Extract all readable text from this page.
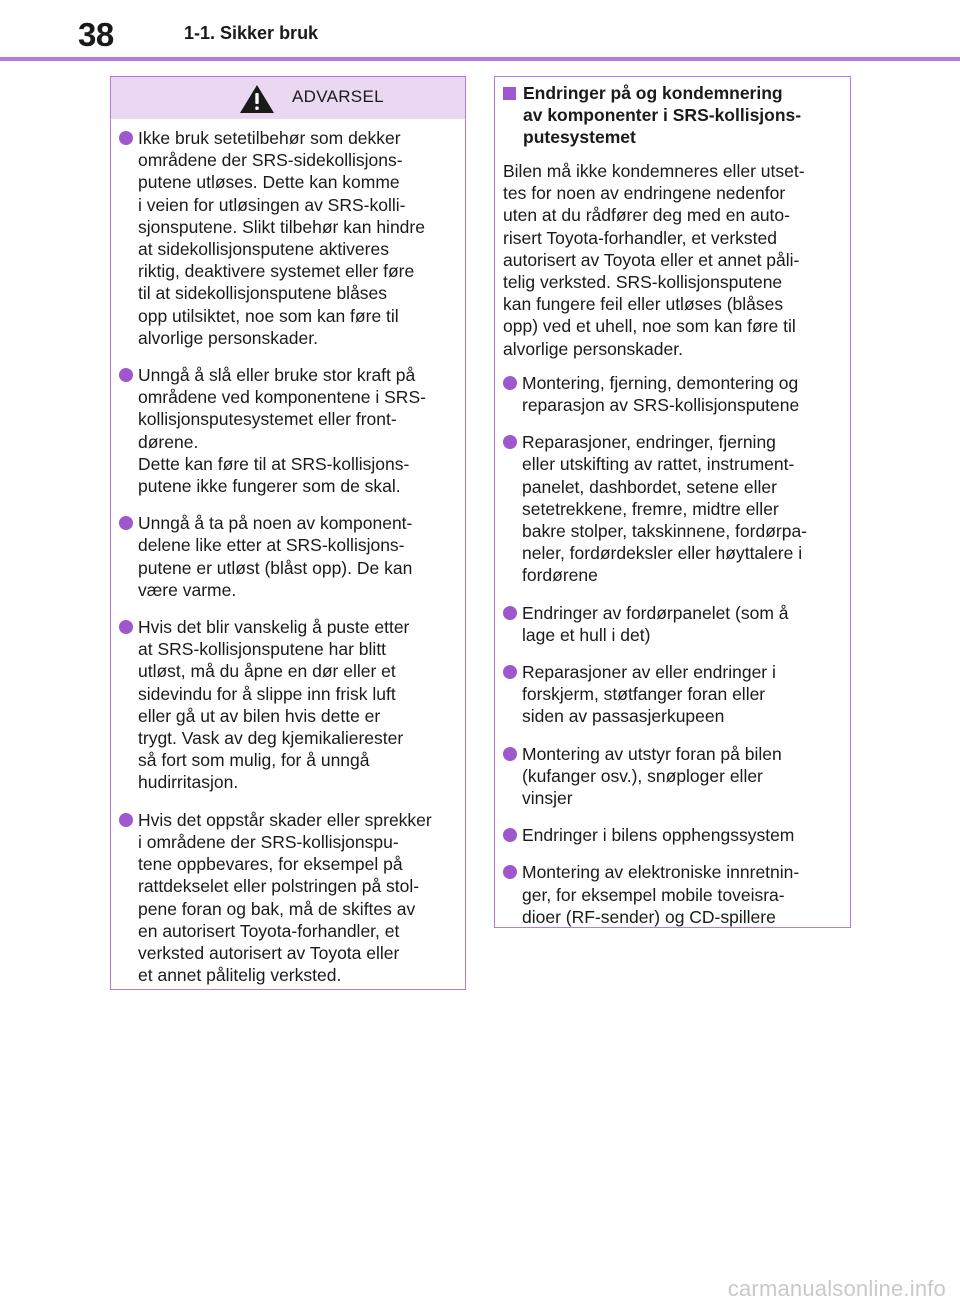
38	1-1. Sikker bruk
ADVARSEL
Ikke bruk setetilbehør som dekker
områdene der SRS-sidekollisjons-
putene utløses. Dette kan komme
i veien for utløsingen av SRS-kolli-
sjonsputene. Slikt tilbehør kan hindre
at sidekollisjonsputene aktiveres
riktig, deaktivere systemet eller føre
til at sidekollisjonsputene blåses
opp utilsiktet, noe som kan føre til
alvorlige personskader.
Unngå å slå eller bruke stor kraft på
områdene ved komponentene i SRS-
kollisjonsputesystemet eller front-
dørene.
Dette kan føre til at SRS-kollisjons-
putene ikke fungerer som de skal.
Unngå å ta på noen av komponent-
delene like etter at SRS-kollisjons-
putene er utløst (blåst opp). De kan
være varme.
Hvis det blir vanskelig å puste etter
at SRS-kollisjonsputene har blitt
utløst, må du åpne en dør eller et
sidevindu for å slippe inn frisk luft
eller gå ut av bilen hvis dette er
trygt. Vask av deg kjemikalierester
så fort som mulig, for å unngå
hudirritasjon.
Hvis det oppstår skader eller sprekker
i områdene der SRS-kollisjonspu-
tene oppbevares, for eksempel på
rattdekselet eller polstringen på stol-
pene foran og bak, må de skiftes av
en autorisert Toyota-forhandler, et
verksted autorisert av Toyota eller
et annet pålitelig verksted.
Endringer på og kondemnering
av komponenter i SRS-kollisjons-
putesystemet
Bilen må ikke kondemneres eller utset-
tes for noen av endringene nedenfor
uten at du rådfører deg med en auto-
risert Toyota-forhandler, et verksted
autorisert av Toyota eller et annet påli-
telig verksted. SRS-kollisjonsputene
kan fungere feil eller utløses (blåses
opp) ved et uhell, noe som kan føre til
alvorlige personskader.
Montering, fjerning, demontering og
reparasjon av SRS-kollisjonsputene
Reparasjoner, endringer, fjerning
eller utskifting av rattet, instrument-
panelet, dashbordet, setene eller
setetrekkene, fremre, midtre eller
bakre stolper, takskinnene, fordørpa-
neler, fordørdeksler eller høyttalere i
fordørene
Endringer av fordørpanelet (som å
lage et hull i det)
Reparasjoner av eller endringer i
forskjerm, støtfanger foran eller
siden av passasjerkupeen
Montering av utstyr foran på bilen
(kufanger osv.), snøploger eller
vinsjer
Endringer i bilens opphengssystem
Montering av elektroniske innretnin-
ger, for eksempel mobile toveisra-
dioer (RF-sender) og CD-spillere
carmanualsonline.info
